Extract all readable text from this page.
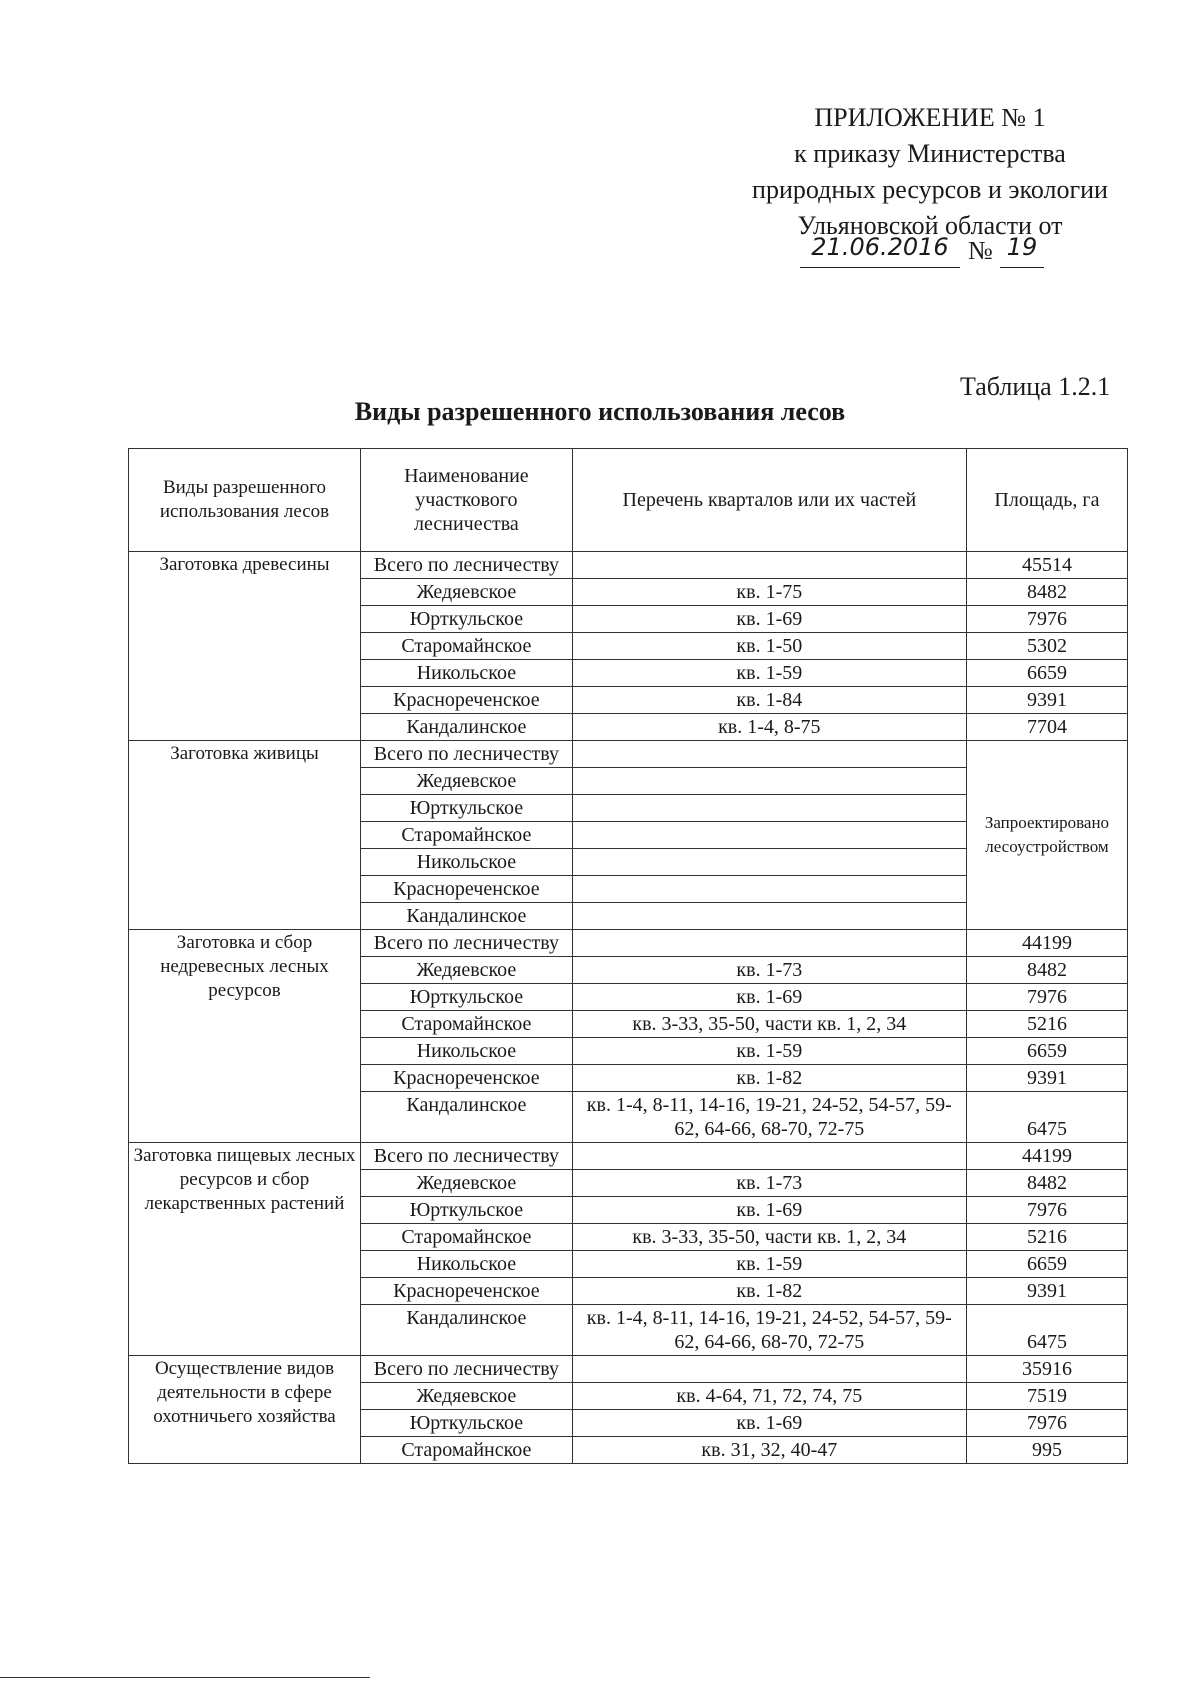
ПРИЛОЖЕНИЕ № 1
к приказу Министерства
природных ресурсов и экологии
Ульяновской области от
21.06.2016 № 19
Таблица 1.2.1
Виды разрешенного использования лесов
Виды разрешенного использования лесов	Наименование участкового лесничества	Перечень кварталов или их частей	Площадь, га
Заготовка древесины	Всего по лесничеству		45514
	Жедяевское	кв. 1-75	8482
	Юрткульское	кв. 1-69	7976
	Старомайнское	кв. 1-50	5302
	Никольское	кв. 1-59	6659
	Краснореченское	кв. 1-84	9391
	Кандалинское	кв. 1-4, 8-75	7704
Заготовка живицы	Всего по лесничеству		Запроектировано лесоустройством
	Жедяевское		
	Юрткульское		
	Старомайнское		
	Никольское		
	Краснореченское		
	Кандалинское		
Заготовка и сбор недревесных лесных ресурсов	Всего по лесничеству		44199
	Жедяевское	кв. 1-73	8482
	Юрткульское	кв. 1-69	7976
	Старомайнское	кв. 3-33, 35-50, части кв. 1, 2, 34	5216
	Никольское	кв. 1-59	6659
	Краснореченское	кв. 1-82	9391
	Кандалинское	кв. 1-4, 8-11, 14-16, 19-21, 24-52, 54-57, 59-62, 64-66, 68-70, 72-75	6475
Заготовка пищевых лесных ресурсов и сбор лекарственных растений	Всего по лесничеству		44199
	Жедяевское	кв. 1-73	8482
	Юрткульское	кв. 1-69	7976
	Старомайнское	кв. 3-33, 35-50, части кв. 1, 2, 34	5216
	Никольское	кв. 1-59	6659
	Краснореченское	кв. 1-82	9391
	Кандалинское	кв. 1-4, 8-11, 14-16, 19-21, 24-52, 54-57, 59-62, 64-66, 68-70, 72-75	6475
Осуществление видов деятельности в сфере охотничьего хозяйства	Всего по лесничеству		35916
	Жедяевское	кв. 4-64, 71, 72, 74, 75	7519
	Юрткульское	кв. 1-69	7976
	Старомайнское	кв. 31, 32, 40-47	995
